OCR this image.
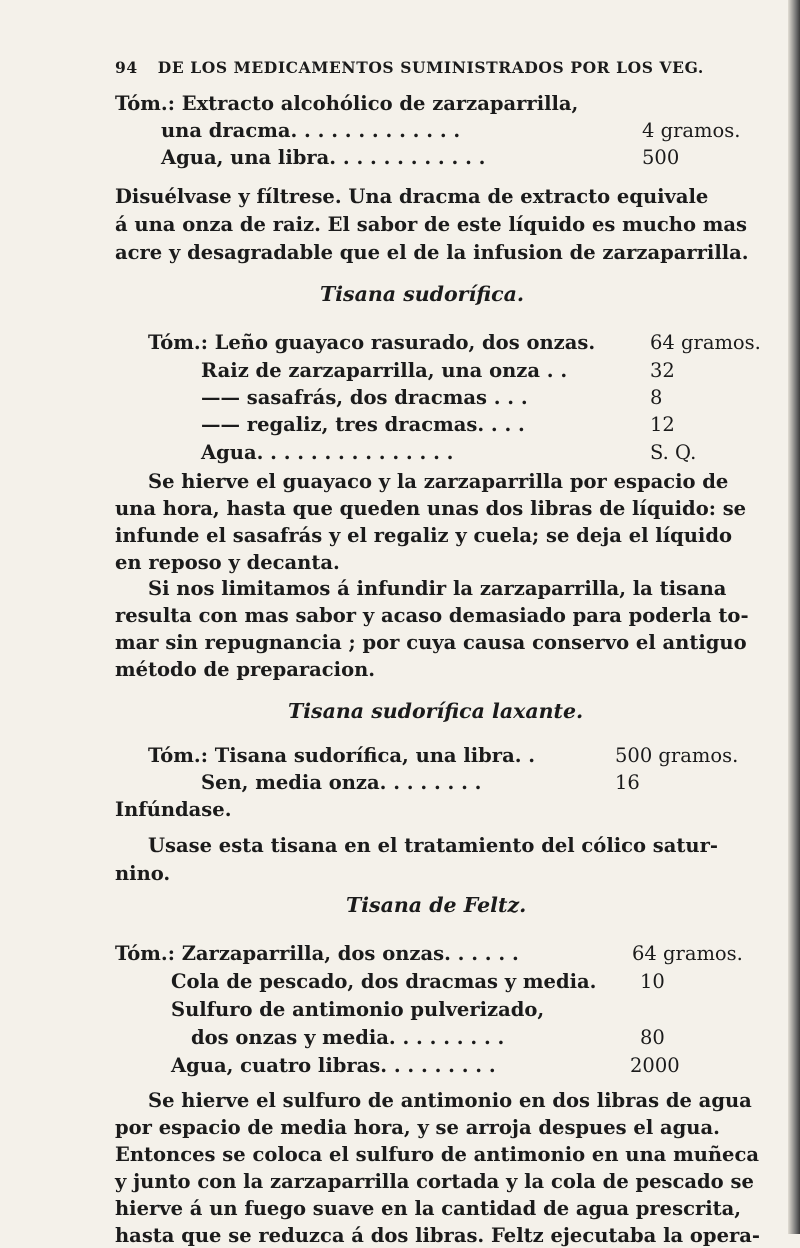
94 DE LOS MEDICAMENTOS SUMINISTRADOS POR LOS VEG.
Tóm.: Extracto alcohólico de zarzaparrilla,
una dracma. . . . . . . . . . . . .	4 gramos.
Agua, una libra. . . . . . . . . . . .	500
Disuélvase y fíltrese. Una dracma de extracto equivale
á una onza de raiz. El sabor de este líquido es mucho mas
acre y desagradable que el de la infusion de zarzaparrilla.
Tisana sudorífica.
Tóm.: Leño guayaco rasurado, dos onzas.	64 gramos.
Raiz de zarzaparrilla, una onza . .	32
—— sasafrás, dos dracmas . . .	8
—— regaliz, tres dracmas. . . .	12
Agua. . . . . . . . . . . . . . .	S. Q.
Se hierve el guayaco y la zarzaparrilla por espacio de
una hora, hasta que queden unas dos libras de líquido: se
infunde el sasafrás y el regaliz y cuela; se deja el líquido
en reposo y decanta.
Si nos limitamos á infundir la zarzaparrilla, la tisana
resulta con mas sabor y acaso demasiado para poderla to-
mar sin repugnancia ; por cuya causa conservo el antiguo
método de preparacion.
Tisana sudorífica laxante.
Tóm.: Tisana sudorífica, una libra. .	500 gramos.
Sen, media onza. . . . . . . .	16
Infúndase.
Usase esta tisana en el tratamiento del cólico satur-
nino.
Tisana de Feltz.
Tóm.: Zarzaparrilla, dos onzas. . . . . .	64 gramos.
Cola de pescado, dos dracmas y media. 10
Sulfuro de antimonio pulverizado,
dos onzas y media. . . . . . . . .	80
Agua, cuatro libras. . . . . . . . .	2000
Se hierve el sulfuro de antimonio en dos libras de agua
por espacio de media hora, y se arroja despues el agua.
Entonces se coloca el sulfuro de antimonio en una muñeca
y junto con la zarzaparrilla cortada y la cola de pescado se
hierve á un fuego suave en la cantidad de agua prescrita,
hasta que se reduzca á dos libras. Feltz ejecutaba la opera-
